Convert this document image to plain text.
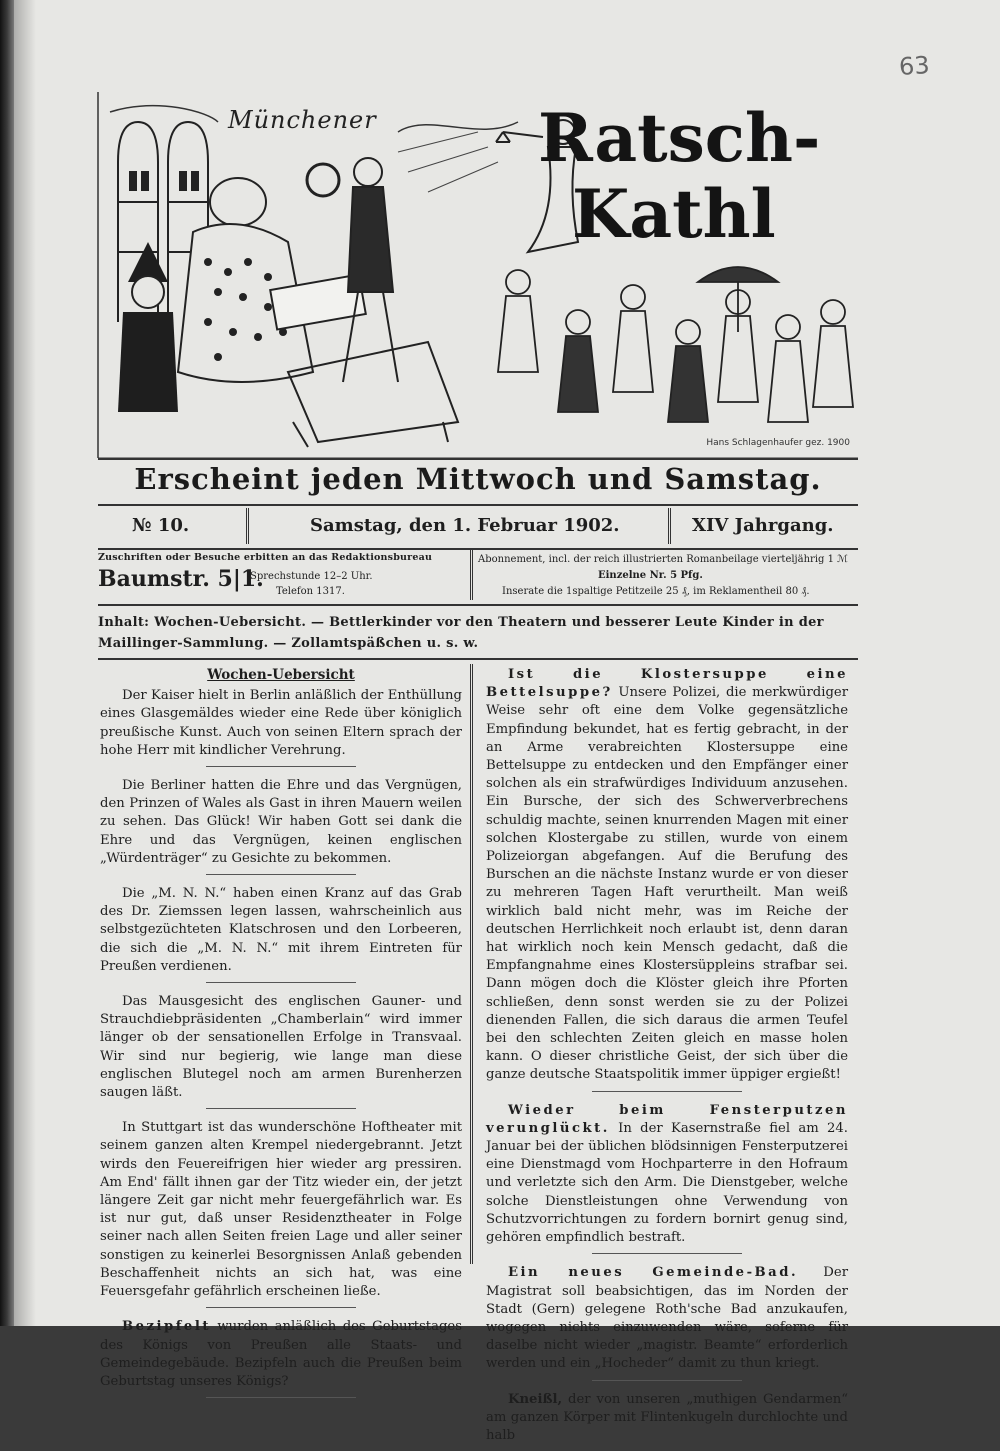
63
Münchener Ratsch-
Kathl
Hans Schlagenhaufer gez. 1900
Erscheint jeden Mittwoch und Samstag.
№ 10.	Samstag, den 1. Februar 1902.	XIV Jahrgang.
Zuschriften oder Besuche erbitten an das Redaktionsbureau
Baumstr. 5|1.
Sprechstunde 12–2 Uhr.
Telefon 1317.
Abonnement, incl. der reich illustrierten Romanbeilage vierteljährig 1 ℳ
Einzelne Nr. 5 Pfg.
Inserate die 1spaltige Petitzeile 25 ₰, im Reklamentheil 80 ₰.
Inhalt: Wochen-Uebersicht. — Bettlerkinder vor den Theatern und besserer Leute Kinder in der Maillinger-Sammlung. — Zollamtspäßchen u. s. w.
Wochen-Uebersicht

Der Kaiser hielt in Berlin anläßlich der Enthüllung eines Glasgemäldes wieder eine Rede über königlich preußische Kunst. Auch von seinen Eltern sprach der hohe Herr mit kindlicher Verehrung.

Die Berliner hatten die Ehre und das Vergnügen, den Prinzen of Wales als Gast in ihren Mauern weilen zu sehen. Das Glück! Wir haben Gott sei dank die Ehre und das Vergnügen, keinen englischen „Würdenträger“ zu Gesichte zu bekommen.

Die „M. N. N.“ haben einen Kranz auf das Grab des Dr. Ziemssen legen lassen, wahrscheinlich aus selbstgezüchteten Klatschrosen und den Lorbeeren, die sich die „M. N. N.“ mit ihrem Eintreten für Preußen verdienen.

Das Mausgesicht des englischen Gauner- und Strauchdiebpräsidenten „Chamberlain“ wird immer länger ob der sensationellen Erfolge in Transvaal. Wir sind nur begierig, wie lange man diese englischen Blutegel noch am armen Burenherzen saugen läßt.

In Stuttgart ist das wunderschöne Hoftheater mit seinem ganzen alten Krempel niedergebrannt. Jetzt wirds den Feuereifrigen hier wieder arg pressiren. Am End' fällt ihnen gar der Titz wieder ein, der jetzt längere Zeit gar nicht mehr feuergefährlich war. Es ist nur gut, daß unser Residenztheater in Folge seiner nach allen Seiten freien Lage und aller seiner sonstigen zu keinerlei Besorgnissen Anlaß gebenden Beschaffenheit nichts an sich hat, was eine Feuersgefahr gefährlich erscheinen ließe.

Bezipfelt wurden anläßlich des Geburtstages des Königs von Preußen alle Staats- und Gemeindegebäude. Bezipfeln auch die Preußen beim Geburtstag unseres Königs?

Ist die Klostersuppe eine Bettelsuppe? Unsere Polizei, die merkwürdiger Weise sehr oft eine dem Volke gegensätzliche Empfindung bekundet, hat es fertig gebracht, in der an Arme verabreichten Klostersuppe eine Bettelsuppe zu entdecken und den Empfänger einer solchen als ein strafwürdiges Individuum anzusehen. Ein Bursche, der sich des Schwerverbrechens schuldig machte, seinen knurrenden Magen mit einer solchen Klostergabe zu stillen, wurde von einem Polizeiorgan abgefangen. Auf die Berufung des Burschen an die nächste Instanz wurde er von dieser zu mehreren Tagen Haft verurtheilt. Man weiß wirklich bald nicht mehr, was im Reiche der deutschen Herrlichkeit noch erlaubt ist, denn daran hat wirklich noch kein Mensch gedacht, daß die Empfangnahme eines Klostersüppleins strafbar sei. Dann mögen doch die Klöster gleich ihre Pforten schließen, denn sonst werden sie zu der Polizei dienenden Fallen, die sich daraus die armen Teufel bei den schlechten Zeiten gleich en masse holen kann. O dieser christliche Geist, der sich über die ganze deutsche Staatspolitik immer üppiger ergießt!

Wieder beim Fensterputzen verunglückt. In der Kasernstraße fiel am 24. Januar bei der üblichen blödsinnigen Fensterputzerei eine Dienstmagd vom Hochparterre in den Hofraum und verletzte sich den Arm. Die Dienstgeber, welche solche Dienstleistungen ohne Verwendung von Schutzvorrichtungen zu fordern bornirt genug sind, gehören empfindlich bestraft.

Ein neues Gemeinde-Bad. Der Magistrat soll beabsichtigen, das im Norden der Stadt (Gern) gelegene Roth'sche Bad anzukaufen, wogegen nichts einzuwenden wäre, soferne für daselbe nicht wieder „magistr. Beamte“ erforderlich werden und ein „Hocheder“ damit zu thun kriegt.

Kneißl, der von unseren „muthigen Gendarmen“ am ganzen Körper mit Flintenkugeln durchlochte und halb
